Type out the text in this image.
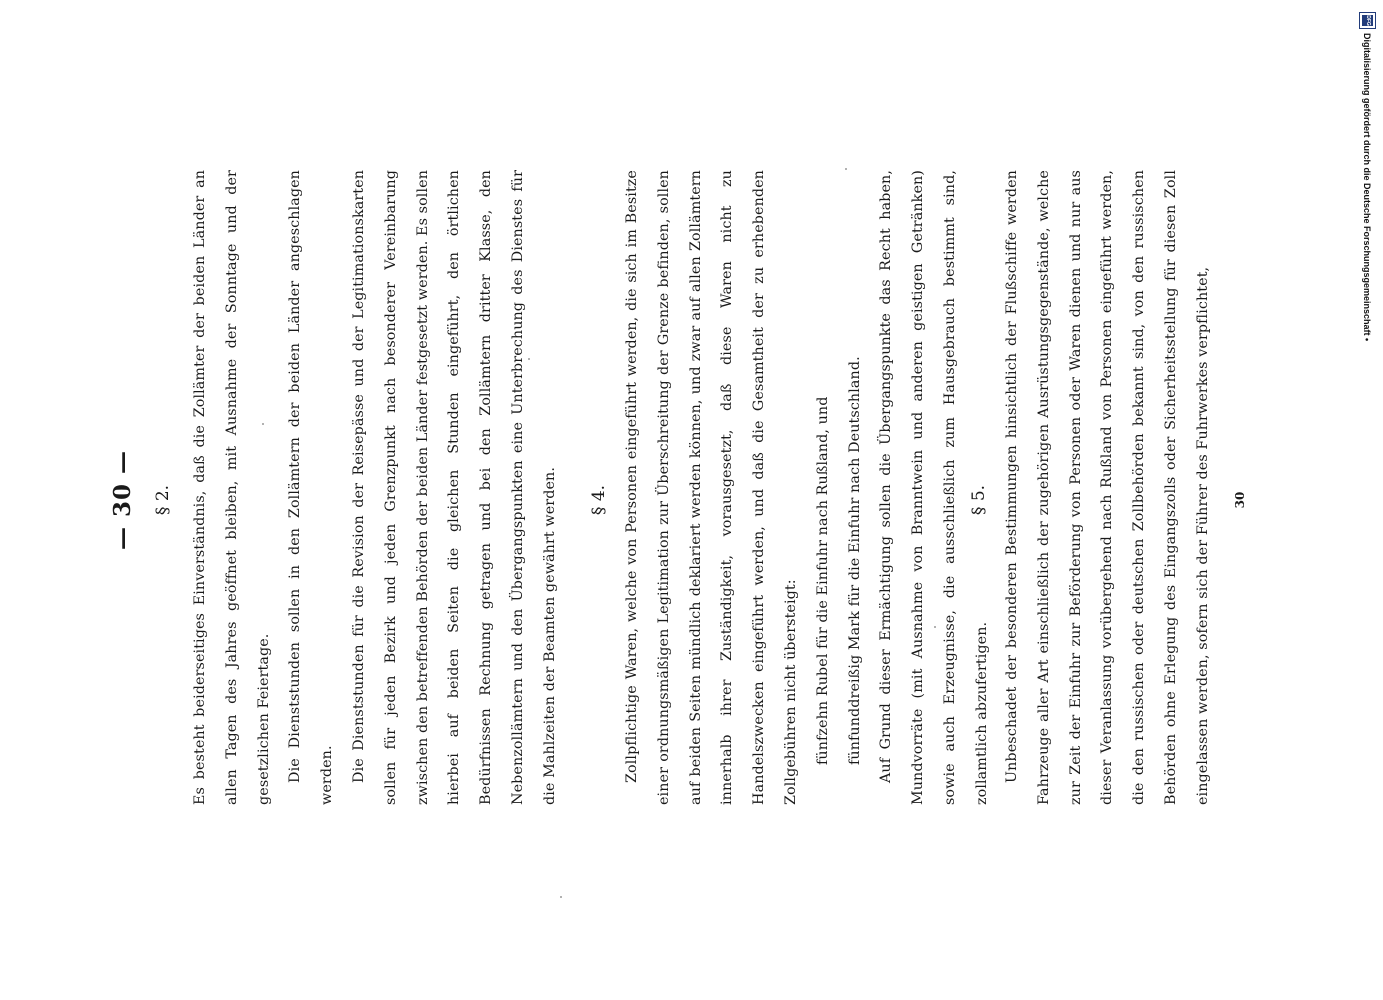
— 30 — § 2.	Es besteht beiderseitiges Einverständnis, daß die Zollämter der beiden Länder an allen Tagen des Jahres geöffnet bleiben, mit Ausnahme der Sonntage und der gesetzlichen Feiertage.	Die Dienststunden sollen in den Zollämtern der beiden Länder angeschlagen werden.	Die Dienststunden für die Revision der Reisepässe und der Legitimationskarten sollen für jeden Bezirk und jeden Grenzpunkt nach besonderer Vereinbarung zwischen den betreffenden Behörden der beiden Länder festgesetzt werden. Es sollen hierbei auf beiden Seiten die gleichen Stunden eingeführt, den örtlichen Bedürfnissen Rechnung getragen und bei den Zollämtern dritter Klasse, den Nebenzollämtern und den Übergangspunkten eine Unterbrechung des Dienstes für die Mahlzeiten der Beamten gewährt werden.	§ 4.	Zollpflichtige Waren, welche von Personen eingeführt werden, die sich im Besitze einer ordnungsmäßigen Legitimation zur Überschreitung der Grenze befinden, sollen auf beiden Seiten mündlich deklariert werden können, und zwar auf allen Zollämtern innerhalb ihrer Zuständigkeit, vorausgesetzt, daß diese Waren nicht zu Handelszwecken eingeführt werden, und daß die Gesamtheit der zu erhebenden Zollgebühren nicht übersteigt:	fünfzehn Rubel für die Einfuhr nach Rußland, und	fünfunddreißig Mark für die Einfuhr nach Deutschland.	Auf Grund dieser Ermächtigung sollen die Übergangspunkte das Recht haben, Mundvorräte (mit Ausnahme von Branntwein und anderen geistigen Getränken) sowie auch Erzeugnisse, die ausschließlich zum Hausgebrauch bestimmt sind, zollamtlich abzufertigen.

§ 5.	Unbeschadet der besonderen Bestimmungen hinsichtlich der Flußschiffe werden Fahrzeuge aller Art einschließlich der zugehörigen Ausrüstungsgegenstände, welche zur Zeit der Einfuhr zur Beförderung von Personen oder Waren dienen und nur aus dieser Veranlassung vorübergehend nach Rußland von Personen eingeführt werden, die den russischen oder deutschen Zollbehörden bekannt sind, von den russischen Behörden ohne Erlegung des Eingangszolls oder Sicherheitsstellung für diesen Zoll eingelassen werden, sofern sich der Führer des Fuhrwerkes verpflichtet,	30
DFG
Digitalisierung gefördert durch die Deutsche Forschungsgemeinschaft •
